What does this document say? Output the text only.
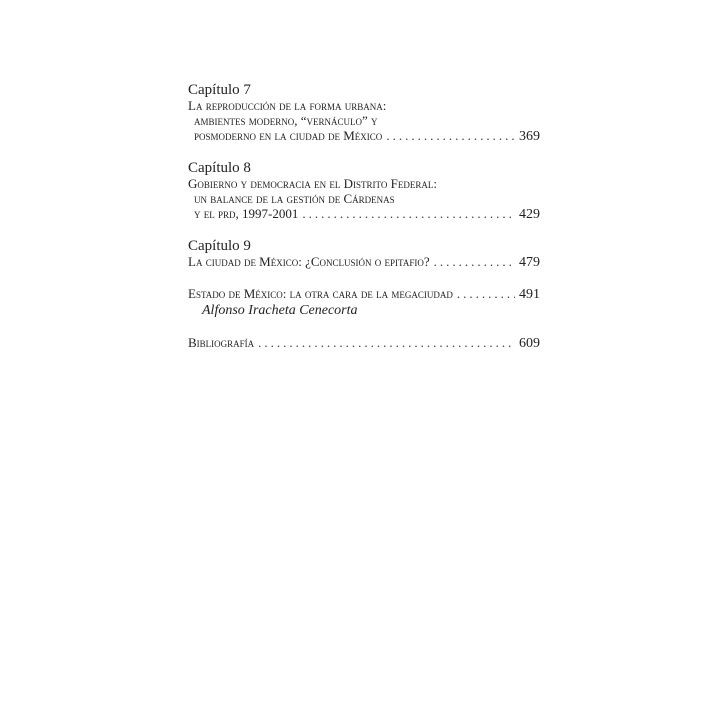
Capítulo 7

La reproducción de la forma urbana:
ambientes moderno, “vernáculo” y
posmoderno en la ciudad de México .....	369

Capítulo 8

Gobierno y democracia en el Distrito Federal:
un balance de la gestión de Cárdenas
y el prd, 1997-2001 .....	429

Capítulo 9

La ciudad de México: ¿Conclusión o epitafio? .....	479
Estado de México: la otra cara de la megaciudad .....	491
Alfonso Iracheta Cenecorta
Bibliografía .....	609
